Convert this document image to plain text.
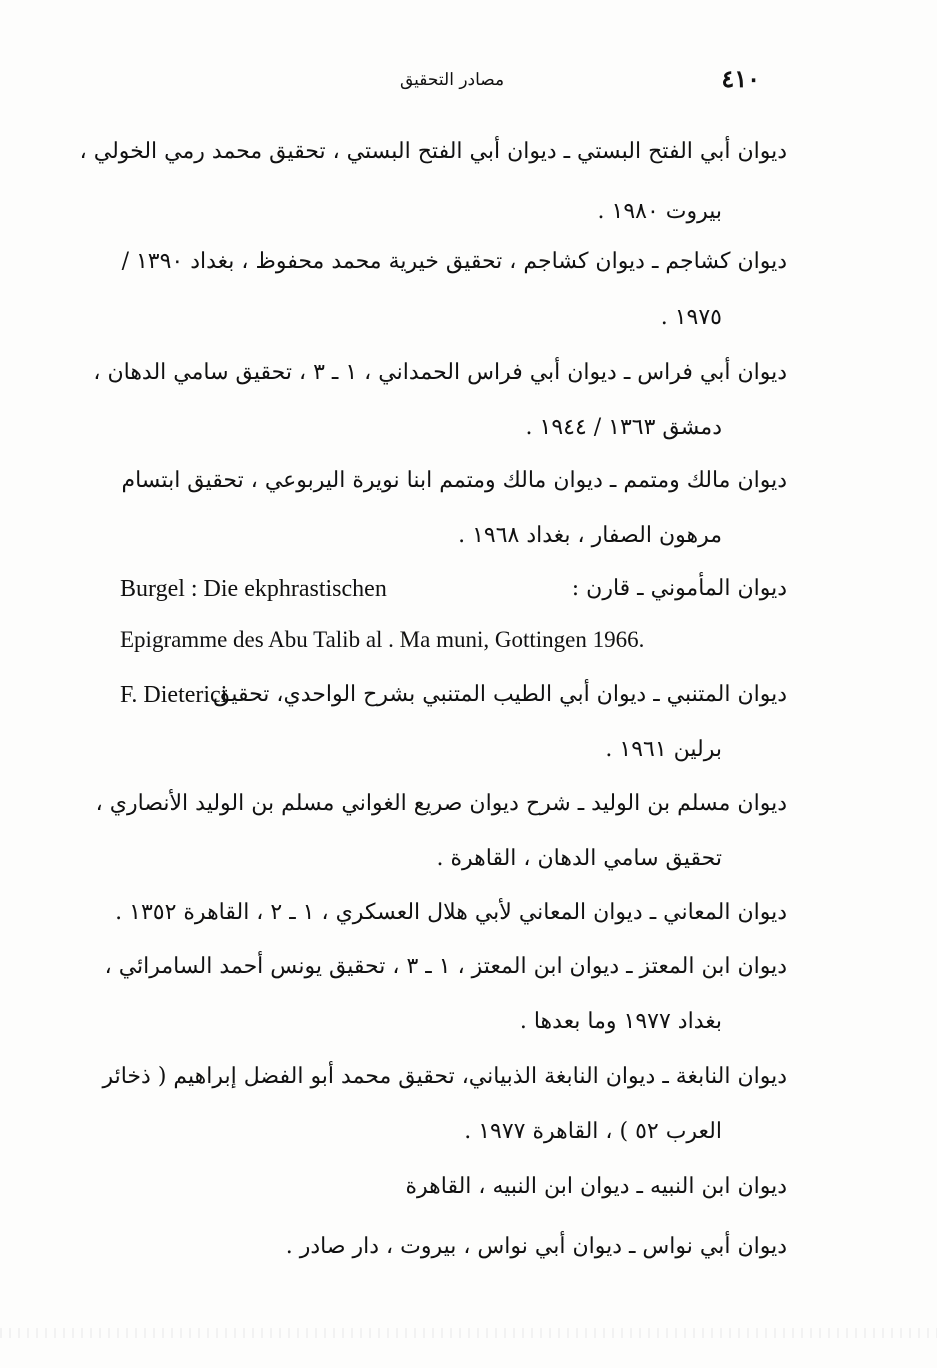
مصادر التحقيق	٤١٠
ديوان أبي الفتح البستي ـ ديوان أبي الفتح البستي ، تحقيق محمد رمي الخولي ،
بيروت ١٩٨٠ .
ديوان كشاجم ـ ديوان كشاجم ، تحقيق خيرية محمد محفوظ ، بغداد ١٣٩٠ /
١٩٧٥ .
ديوان أبي فراس ـ ديوان أبي فراس الحمداني ، ١ ـ ٣ ، تحقيق سامي الدهان ،
دمشق ١٣٦٣ / ١٩٤٤ .
ديوان مالك ومتمم ـ ديوان مالك ومتمم ابنا نويرة اليربوعي ، تحقيق ابتسام
مرهون الصفار ، بغداد ١٩٦٨ .
ديوان المأموني ـ قارن :
Burgel : Die ekphrastischen
Epigramme des Abu Talib al . Ma muni, Gottingen 1966.
ديوان المتنبي ـ ديوان أبي الطيب المتنبي بشرح الواحدي، تحقيق
F. Dieterici
برلين ١٩٦١ .
ديوان مسلم بن الوليد ـ شرح ديوان صريع الغواني مسلم بن الوليد الأنصاري ،
تحقيق سامي الدهان ، القاهرة .
ديوان المعاني ـ ديوان المعاني لأبي هلال العسكري ، ١ ـ ٢ ، القاهرة ١٣٥٢ .
ديوان ابن المعتز ـ ديوان ابن المعتز ، ١ ـ ٣ ، تحقيق يونس أحمد السامرائي ،
بغداد ١٩٧٧ وما بعدها .
ديوان النابغة ـ ديوان النابغة الذبياني، تحقيق محمد أبو الفضل إبراهيم ( ذخائر
العرب ٥٢ ) ، القاهرة ١٩٧٧ .
ديوان ابن النبيه ـ ديوان ابن النبيه ، القاهرة
ديوان أبي نواس ـ ديوان أبي نواس ، بيروت ، دار صادر .
